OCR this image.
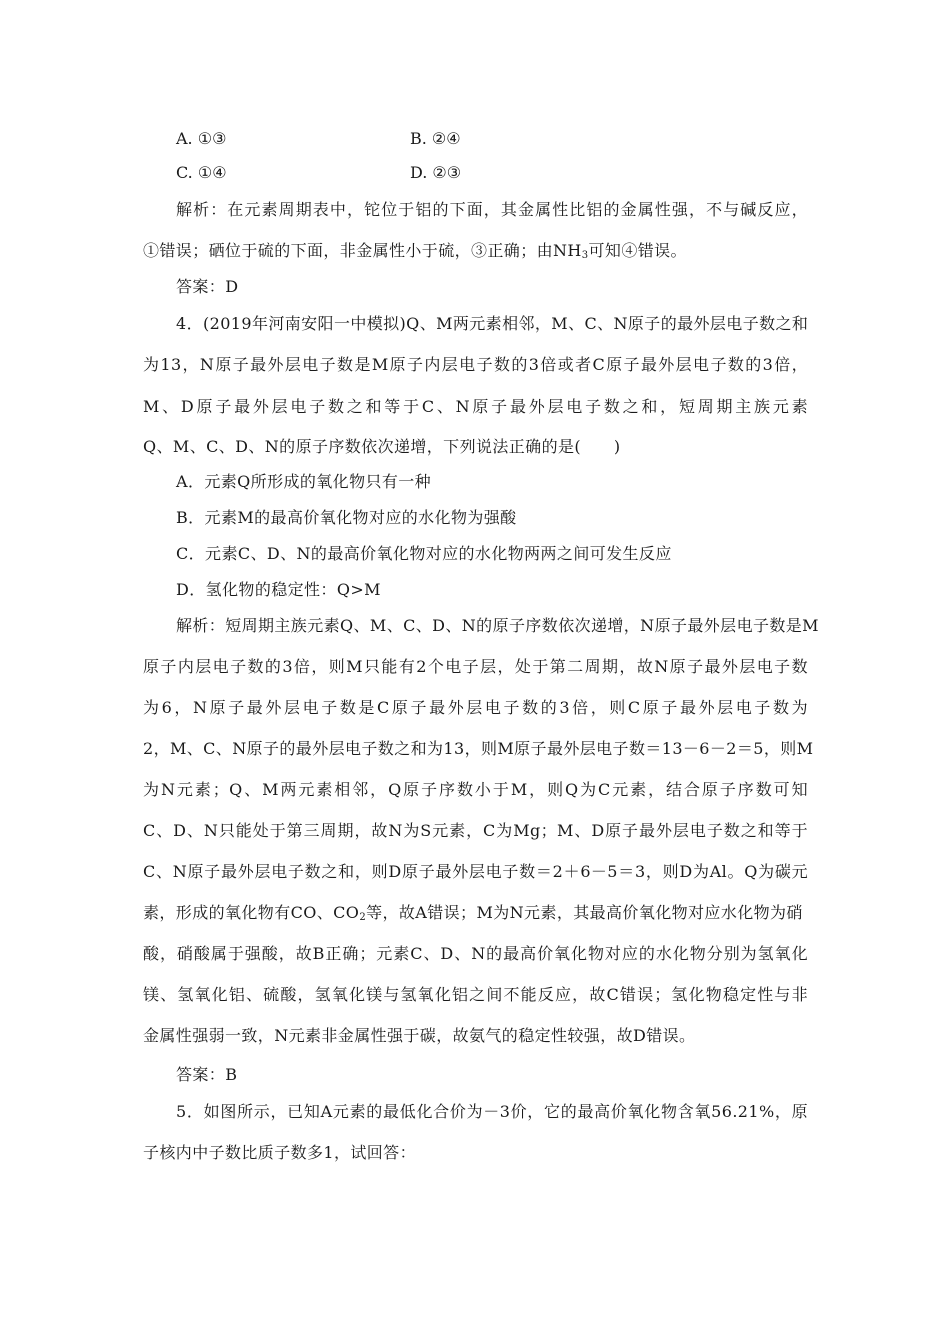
A. ①③	B. ②④
C. ①④	D. ②③
解析：在元素周期表中，铊位于铝的下面，其金属性比铝的金属性强，不与碱反应，
①错误；硒位于硫的下面，非金属性小于硫，③正确；由$NH_3$可知④错误。
答案：D
4．(2019年河南安阳一中模拟)Q、M两元素相邻，M、C、N原子的最外层电子数之和
为13，N原子最外层电子数是M原子内层电子数的3倍或者C原子最外层电子数的3倍，
M、D原子最外层电子数之和等于C、N原子最外层电子数之和，短周期主族元素
Q、M、C、D、N的原子序数依次递增，下列说法正确的是(　　)
A．元素Q所形成的氧化物只有一种
B．元素M的最高价氧化物对应的水化物为强酸
C．元素C、D、N的最高价氧化物对应的水化物两两之间可发生反应
D．氢化物的稳定性：Q>M
解析：短周期主族元素Q、M、C、D、N的原子序数依次递增，N原子最外层电子数是M
原子内层电子数的3倍，则M只能有2个电子层，处于第二周期，故N原子最外层电子数
为6，N原子最外层电子数是C原子最外层电子数的3倍，则C原子最外层电子数为
2，M、C、N原子的最外层电子数之和为13，则M原子最外层电子数＝13－6－2＝5，则M
为N元素；Q、M两元素相邻，Q原子序数小于M，则Q为C元素，结合原子序数可知
C、D、N只能处于第三周期，故N为S元素，C为Mg；M、D原子最外层电子数之和等于
C、N原子最外层电子数之和，则D原子最外层电子数＝2＋6－5＝3，则D为Al。Q为碳元
素，形成的氧化物有CO、$CO_2$等，故A错误；M为N元素，其最高价氧化物对应水化物为硝
酸，硝酸属于强酸，故B正确；元素C、D、N的最高价氧化物对应的水化物分别为氢氧化
镁、氢氧化铝、硫酸，氢氧化镁与氢氧化铝之间不能反应，故C错误；氢化物稳定性与非
金属性强弱一致，N元素非金属性强于碳，故氨气的稳定性较强，故D错误。
答案：B
5．如图所示，已知A元素的最低化合价为－3价，它的最高价氧化物含氧56.21%，原
子核内中子数比质子数多1，试回答：
